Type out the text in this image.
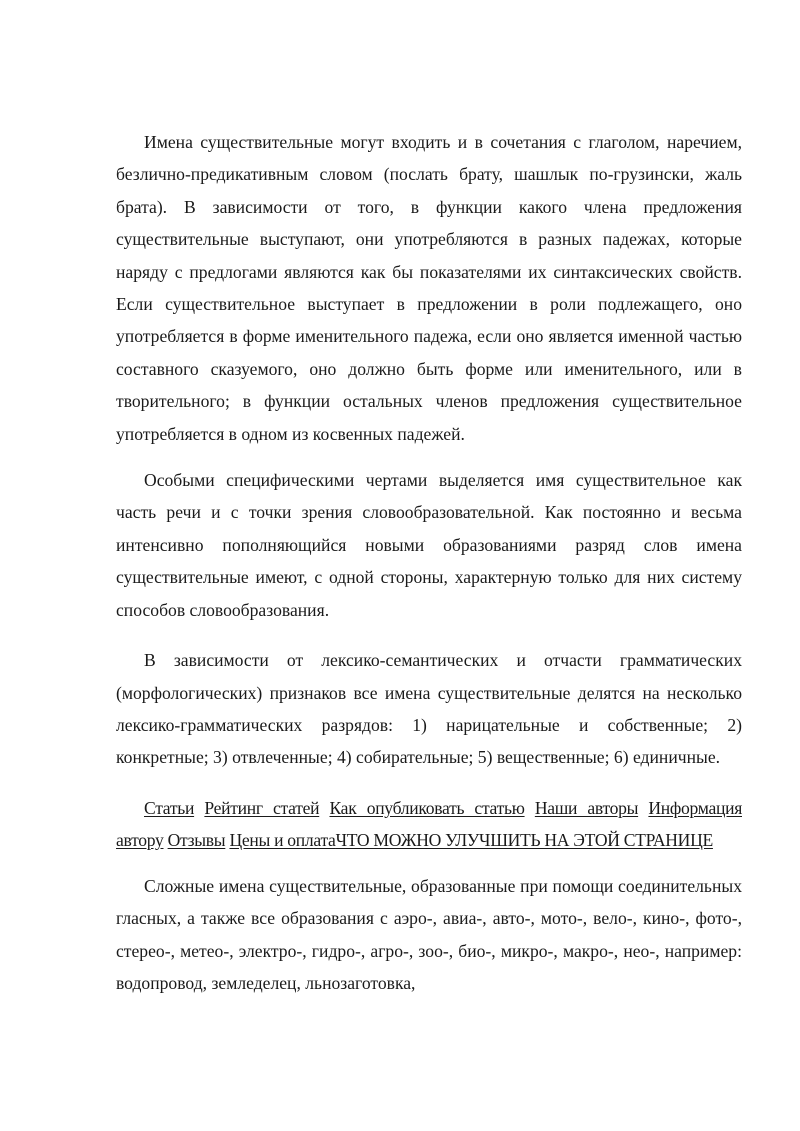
Имена существительные могут входить и в сочетания с глаголом, наречием, безлично-предикативным словом (послать брату, шашлык по-грузински, жаль брата). В зависимости от того, в функции какого члена предложения существительные выступают, они употребляются в разных падежах, которые наряду с предлогами являются как бы показателями их синтаксических свойств. Если существительное выступает в предложении в роли подлежащего, оно употребляется в форме именительного падежа, если оно является именной частью составного сказуемого, оно должно быть форме или именительного, или в творительного; в функции остальных членов предложения существительное употребляется в одном из косвенных падежей.

Особыми специфическими чертами выделяется имя существительное как часть речи и с точки зрения словообразовательной. Как постоянно и весьма интенсивно пополняющийся новыми образованиями разряд слов имена существительные имеют, с одной стороны, характерную только для них систему способов словообразования.

В зависимости от лексико-семантических и отчасти грамматических (морфологических) признаков все имена существительные делятся на несколько лексико-грамматических разрядов: 1) нарицательные и собственные; 2) конкретные; 3) отвлеченные; 4) собирательные; 5) вещественные; 6) единичные.

Статьи Рейтинг статей Как опубликовать статью Наши авторы Информация автору Отзывы Цены и оплатаЧТО МОЖНО УЛУЧШИТЬ НА ЭТОЙ СТРАНИЦЕ

Сложные имена существительные, образованные при помощи соединительных гласных, а также все образования с аэро-, авиа-, авто-, мото-, вело-, кино-, фото-, стерео-, метео-, электро-, гидро-, агро-, зоо-, био-, микро-, макро-, нео-, например: водопровод, земледелец, льнозаготовка,
